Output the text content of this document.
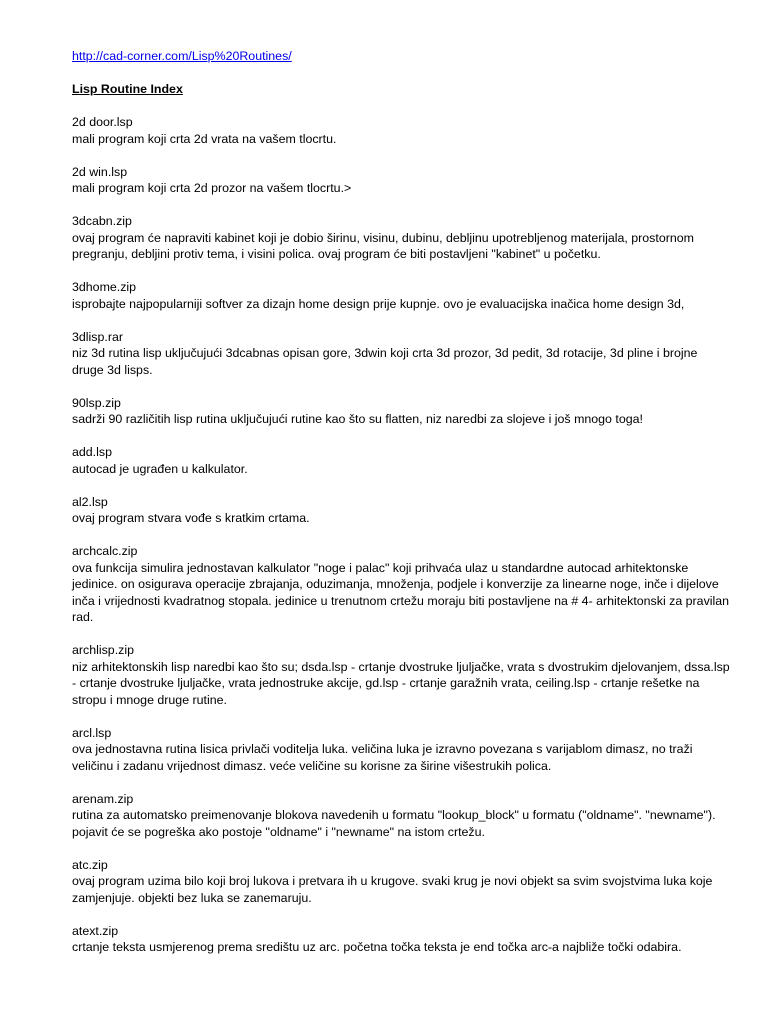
http://cad-corner.com/Lisp%20Routines/
Lisp Routine Index
2d door.lsp
mali program koji crta 2d vrata na vašem tlocrtu.
2d win.lsp
mali program koji crta 2d prozor na vašem tlocrtu.>
3dcabn.zip
ovaj program će napraviti kabinet koji je dobio širinu, visinu, dubinu, debljinu upotrebljenog materijala, prostornom pregranju, debljini protiv tema, i visini polica. ovaj program će biti postavljeni "kabinet" u početku.
3dhome.zip
isprobajte najpopularniji softver za dizajn home design prije kupnje. ovo je evaluacijska inačica home design 3d,
3dlisp.rar
niz 3d rutina lisp uključujući 3dcabnas opisan gore, 3dwin koji crta 3d prozor, 3d pedit, 3d rotacije, 3d pline i brojne druge 3d lisps.
90lsp.zip
sadrži 90 različitih lisp rutina uključujući rutine kao što su flatten, niz naredbi za slojeve i još mnogo toga!
add.lsp
autocad je ugrađen u kalkulator.
al2.lsp
ovaj program stvara vođe s kratkim crtama.
archcalc.zip
ova funkcija simulira jednostavan kalkulator "noge i palac" koji prihvaća ulaz u standardne autocad arhitektonske jedinice. on osigurava operacije zbrajanja, oduzimanja, množenja, podjele i konverzije za linearne noge, inče i dijelove inča i vrijednosti kvadratnog stopala. jedinice u trenutnom crtežu moraju biti postavljene na # 4- arhitektonski za pravilan rad.
archlisp.zip
niz arhitektonskih lisp naredbi kao što su; dsda.lsp - crtanje dvostruke ljuljačke, vrata s dvostrukim djelovanjem, dssa.lsp - crtanje dvostruke ljuljačke, vrata jednostruke akcije, gd.lsp - crtanje garažnih vrata, ceiling.lsp - crtanje rešetke na stropu i mnoge druge rutine.
arcl.lsp
ova jednostavna rutina lisica privlači voditelja luka. veličina luka je izravno povezana s varijablom dimasz, no traži veličinu i zadanu vrijednost dimasz. veće veličine su korisne za širine višestrukih polica.
arenam.zip
rutina za automatsko preimenovanje blokova navedenih u formatu "lookup_block" u formatu ("oldname". "newname"). pojavit će se pogreška ako postoje "oldname" i "newname" na istom crtežu.
atc.zip
ovaj program uzima bilo koji broj lukova i pretvara ih u krugove. svaki krug je novi objekt sa svim svojstvima luka koje zamjenjuje. objekti bez luka se zanemaruju.
atext.zip
crtanje teksta usmjerenog prema središtu uz arc. početna točka teksta je end točka arc-a najbliže točki odabira.
